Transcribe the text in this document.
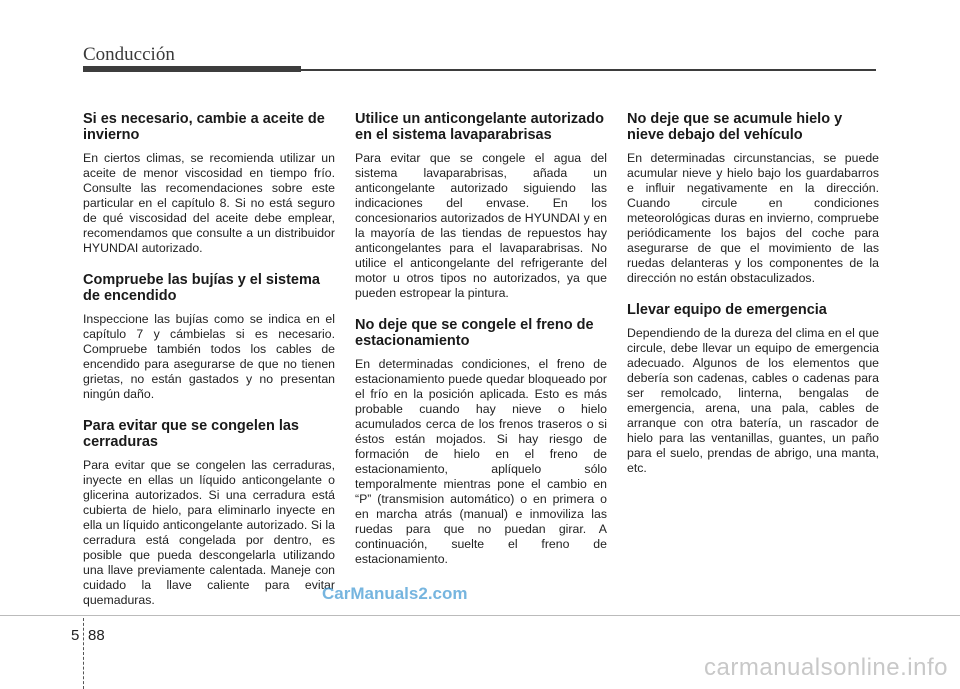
Conducción
Si es necesario, cambie a aceite de invierno

En ciertos climas, se recomienda utilizar un aceite de menor viscosidad en tiempo frío. Consulte las recomendaciones sobre este particular en el capítulo 8. Si no está seguro de qué viscosidad del aceite debe emplear, recomendamos que consulte a un distribuidor HYUNDAI autorizado.

Compruebe las bujías y el sistema de encendido

Inspeccione las bujías como se indica en el capítulo 7 y cámbielas si es necesario. Compruebe también todos los cables de encendido para asegurarse de que no tienen grietas, no están gastados y no presentan ningún daño.

Para evitar que se congelen las cerraduras

Para evitar que se congelen las cerraduras, inyecte en ellas un líquido anticongelante o glicerina autorizados. Si una cerradura está cubierta de hielo, para eliminarlo inyecte en ella un líquido anticongelante autorizado. Si la cerradura está congelada por dentro, es posible que pueda descongelarla utilizando una llave previamente calentada. Maneje con cuidado la llave caliente para evitar quemaduras.

Utilice un anticongelante autorizado en el sistema lavaparabrisas

Para evitar que se congele el agua del sistema lavaparabrisas, añada un anticongelante autorizado siguiendo las indicaciones del envase. En los concesionarios autorizados de HYUNDAI y en la mayoría de las tiendas de repuestos hay anticongelantes para el lavaparabrisas. No utilice el anticongelante del refrigerante del motor u otros tipos no autorizados, ya que pueden estropear la pintura.

No deje que se congele el freno de estacionamiento

En determinadas condiciones, el freno de estacionamiento puede quedar bloqueado por el frío en la posición aplicada. Esto es más probable cuando hay nieve o hielo acumulados cerca de los frenos traseros o si éstos están mojados. Si hay riesgo de formación de hielo en el freno de estacionamiento, aplíquelo sólo temporalmente mientras pone el cambio en “P” (transmision automático) o en primera o en marcha atrás (manual) e inmoviliza las ruedas para que no puedan girar. A continuación, suelte el freno de estacionamiento.

No deje que se acumule hielo y nieve debajo del vehículo

En determinadas circunstancias, se puede acumular nieve y hielo bajo los guardabarros e influir negativamente en la dirección. Cuando circule en condiciones meteorológicas duras en invierno, compruebe periódicamente los bajos del coche para asegurarse de que el movimiento de las ruedas delanteras y los componentes de la dirección no están obstaculizados.

Llevar equipo de emergencia

Dependiendo de la dureza del clima en el que circule, debe llevar un equipo de emergencia adecuado. Algunos de los elementos que debería son cadenas, cables o cadenas para ser remolcado, linterna, bengalas de emergencia, arena, una pala, cables de arranque con otra batería, un rascador de hielo para las ventanillas, guantes, un paño para el suelo, prendas de abrigo, una manta, etc.

5 88
CarManuals2.com
carmanualsonline.info
